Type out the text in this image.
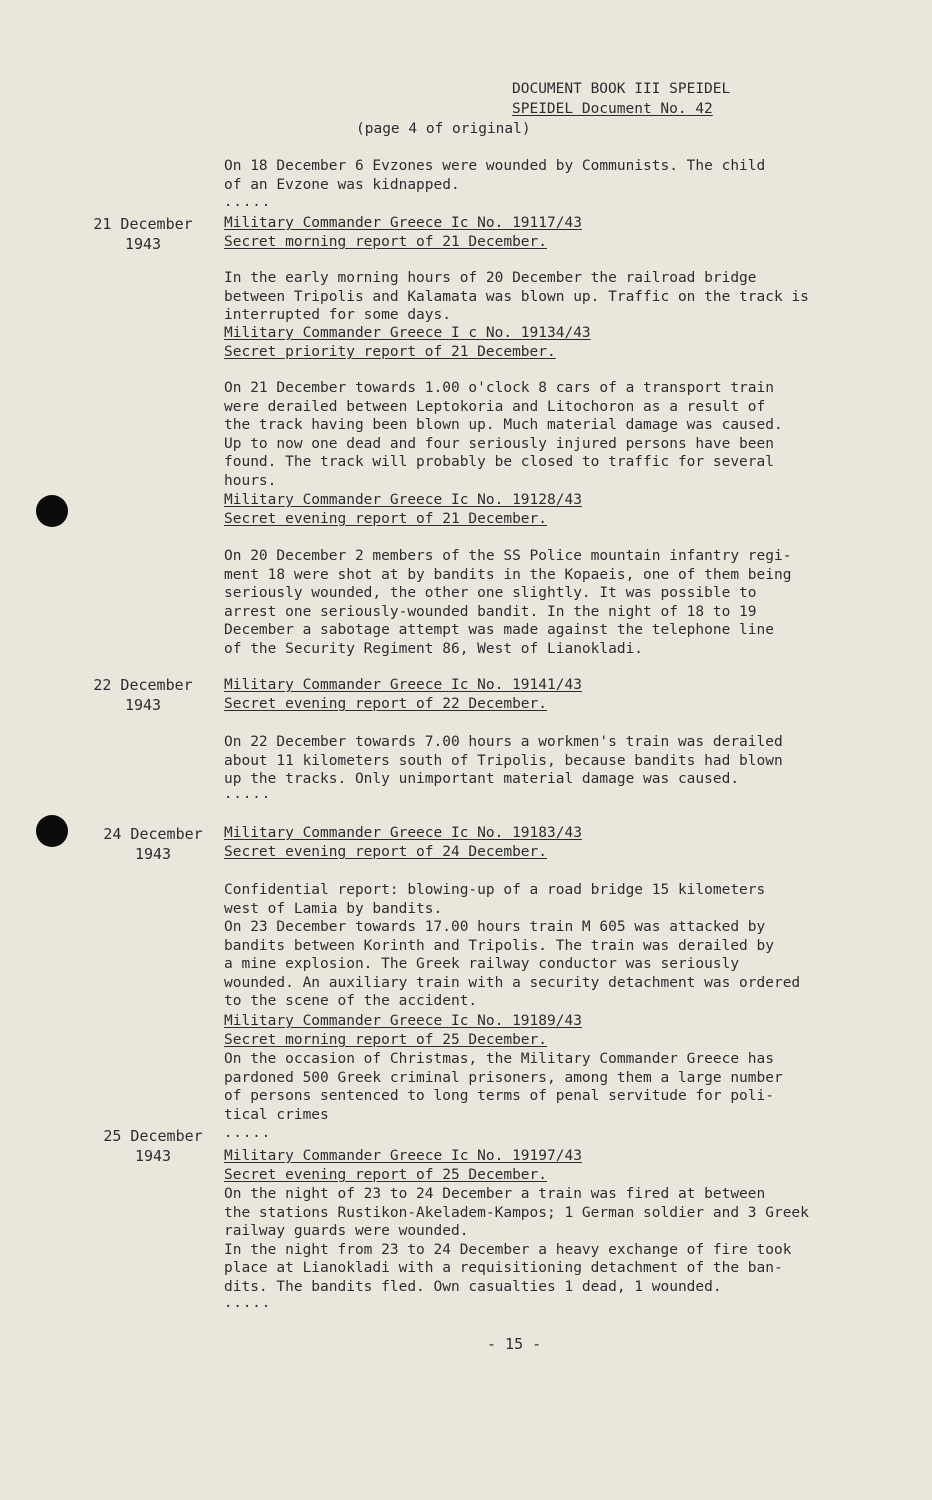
DOCUMENT BOOK III SPEIDEL

SPEIDEL Document No. 42

(page 4 of original)

On 18 December 6 Evzones were wounded by Communists. The child
of an Evzone was kidnapped.

.....

21 December
1943
Military Commander Greece Ic No. 19117/43
Secret morning report of 21 December.

In the early morning hours of 20 December the railroad bridge
between Tripolis and Kalamata was blown up. Traffic on the track is
interrupted for some days.

Military Commander Greece I c No. 19134/43
Secret priority report of 21 December.

On 21 December towards 1.00 o'clock 8 cars of a transport train
were derailed between Leptokoria and Litochoron as a result of
the track having been blown up. Much material damage was caused.
Up to now one dead and four seriously injured persons have been
found. The track will probably be closed to traffic for several
hours.

Military Commander Greece Ic No. 19128/43
Secret evening report of 21 December.

On 20 December 2 members of the SS Police mountain infantry regi-
ment 18 were shot at by bandits in the Kopaeis, one of them being
seriously wounded, the other one slightly. It was possible to
arrest one seriously-wounded bandit. In the night of 18 to 19
December a sabotage attempt was made against the telephone line
of the Security Regiment 86, West of Lianokladi.

22 December
1943
Military Commander Greece Ic No. 19141/43
Secret evening report of 22 December.

On 22 December towards 7.00 hours a workmen's train was derailed
about 11 kilometers south of Tripolis, because bandits had blown
up the tracks. Only unimportant material damage was caused.

.....

24 December
1943
Military Commander Greece Ic No. 19183/43
Secret evening report of 24 December.

Confidential report: blowing-up of a road bridge 15 kilometers
west of Lamia by bandits.
On 23 December towards 17.00 hours train M 605 was attacked by
bandits between Korinth and Tripolis. The train was derailed by
a mine explosion. The Greek railway conductor was seriously
wounded. An auxiliary train with a security detachment was ordered
to the scene of the accident.

Military Commander Greece Ic No. 19189/43
Secret morning report of 25 December.

On the occasion of Christmas, the Military Commander Greece has
pardoned 500 Greek criminal prisoners, among them a large number
of persons sentenced to long terms of penal servitude for poli-
tical crimes

.....

25 December
1943	Military Commander Greece Ic No. 19197/43
Secret evening report of 25 December.

On the night of 23 to 24 December a train was fired at between
the stations Rustikon-Akeladem-Kampos; 1 German soldier and 3 Greek
railway guards were wounded.
In the night from 23 to 24 December a heavy exchange of fire took
place at Lianokladi with a requisitioning detachment of the ban-
dits. The bandits fled. Own casualties 1 dead, 1 wounded.

.....

- 15 -
